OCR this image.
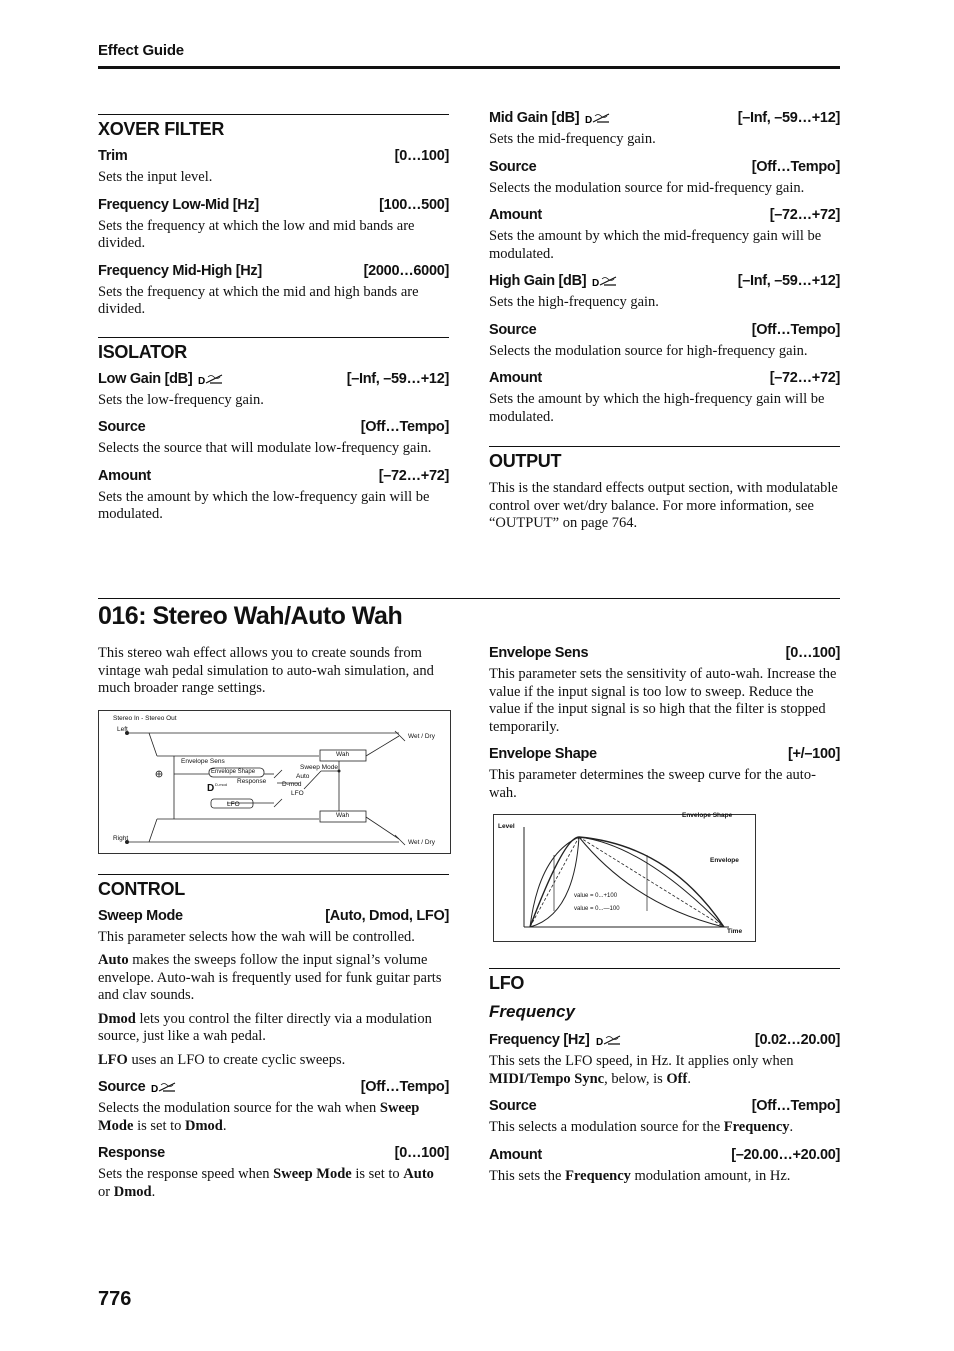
Effect Guide
XOVER FILTER
Trim	[0…100]
Sets the input level.
Frequency Low-Mid [Hz]	[100…500]
Sets the frequency at which the low and mid bands are divided.
Frequency Mid-High [Hz]	[2000…6000]
Sets the frequency at which the mid and high bands are divided.
ISOLATOR
Low Gain [dB] D	[–Inf, –59…+12]
Sets the low-frequency gain.
Source	[Off…Tempo]
Selects the source that will modulate low-frequency gain.
Amount	[–72…+72]
Sets the amount by which the low-frequency gain will be modulated.
Mid Gain [dB] D	[–Inf, –59…+12]
Sets the mid-frequency gain.
Source	[Off…Tempo]
Selects the modulation source for mid-frequency gain.
Amount	[–72…+72]
Sets the amount by which the mid-frequency gain will be modulated.
High Gain [dB] D	[–Inf, –59…+12]
Sets the high-frequency gain.
Source	[Off…Tempo]
Selects the modulation source for high-frequency gain.
Amount	[–72…+72]
Sets the amount by which the high-frequency gain will be modulated.
OUTPUT
This is the standard effects output section, with modulatable control over wet/dry balance. For more information, see “OUTPUT” on page 764.
016: Stereo Wah/Auto Wah
This stereo wah effect allows you to create sounds from vintage wah pedal simulation to auto-wah simulation, and much broader range settings.
Stereo In - Stereo Out
Left
Right
Wet / Dry
Wet / Dry
Wah
Wah
Envelope Sens
Envelope Shape
Response
Sweep Mode
Auto
D-mod
LFO
LFO
D D-mod
CONTROL
Sweep Mode	[Auto, Dmod, LFO]
This parameter selects how the wah will be controlled.
Auto makes the sweeps follow the input signal’s volume envelope. Auto-wah is frequently used for funk guitar parts and clav sounds.
Dmod lets you control the filter directly via a modulation source, just like a wah pedal.
LFO uses an LFO to create cyclic sweeps.
Source D	[Off…Tempo]
Selects the modulation source for the wah when Sweep Mode is set to Dmod.
Response	[0…100]
Sets the response speed when Sweep Mode is set to Auto or Dmod.
Envelope Sens	[0…100]
This parameter sets the sensitivity of auto-wah. Increase the value if the input signal is too low to sweep. Reduce the value if the input signal is so high that the filter is stopped temporarily.
Envelope Shape	[+/–100]
This parameter determines the sweep curve for the auto-wah.
Level
Time
Envelope Shape
Envelope
value = 0...+100
value = 0...—100
LFO
Frequency
Frequency [Hz] D	[0.02…20.00]
This sets the LFO speed, in Hz. It applies only when MIDI/Tempo Sync, below, is Off.
Source	[Off…Tempo]
This selects a modulation source for the Frequency.
Amount	[–20.00…+20.00]
This sets the Frequency modulation amount, in Hz.
776
